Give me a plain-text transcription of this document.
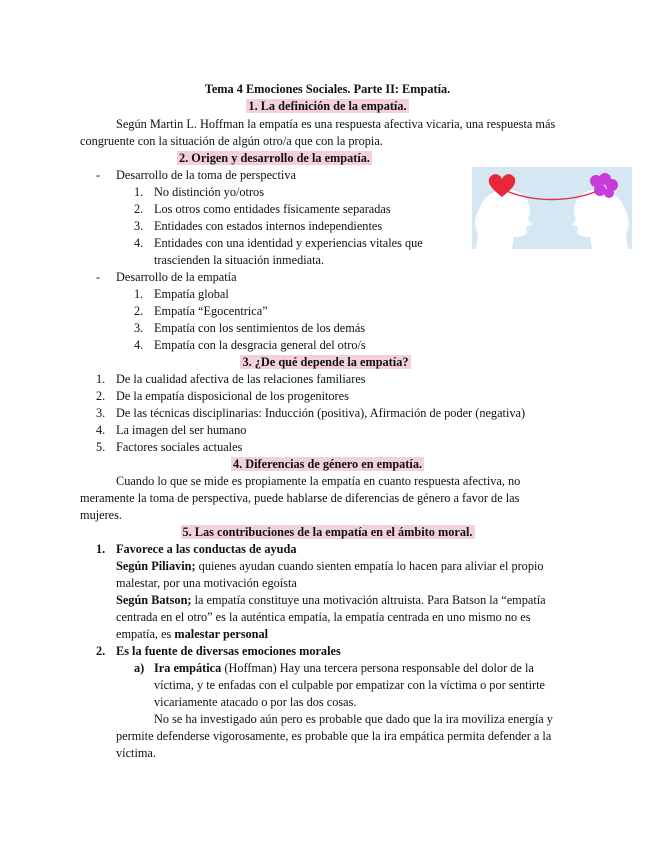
Tema 4 Emociones Sociales. Parte II: Empatía.
1. La definición de la empatía.
Según Martin L. Hoffman la empatía es una respuesta afectiva vicaria, una respuesta más
congruente con la situación de algún otro/a que con la propia.
2. Origen y desarrollo de la empatía.
- Desarrollo de la toma de perspectiva
1. No distinción yo/otros
2. Los otros como entidades físicamente separadas
3. Entidades con estados internos independientes
4. Entidades con una identidad y experiencias vitales que
trascienden la situación inmediata.
- Desarrollo de la empatía
1. Empatía global
2. Empatía “Egocentrica”
3. Empatía con los sentimientos de los demás
4. Empatía con la desgracia general del otro/s
3. ¿De qué depende la empatía?
1. De la cualidad afectiva de las relaciones familiares
2. De la empatía disposicional de los progenitores
3. De las técnicas disciplinarias: Inducción (positiva), Afirmación de poder (negativa)
4. La imagen del ser humano
5. Factores sociales actuales
4. Diferencias de género en empatía.
Cuando lo que se mide es propiamente la empatía en cuanto respuesta afectiva, no
meramente la toma de perspectiva, puede hablarse de diferencias de género a favor de las
mujeres.
5. Las contribuciones de la empatía en el ámbito moral.
1. Favorece a las conductas de ayuda
Según Piliavin; quienes ayudan cuando sienten empatía lo hacen para aliviar el propio
malestar, por una motivación egoísta
Según Batson; la empatía constituye una motivación altruista. Para Batson la “empatía
centrada en el otro” es la auténtica empatía, la empatía centrada en uno mismo no es
empatía, es malestar personal
2. Es la fuente de diversas emociones morales
a) Ira empática (Hoffman) Hay una tercera persona responsable del dolor de la
víctima, y te enfadas con el culpable por empatizar con la víctima o por sentirte
vicariamente atacado o por las dos cosas.
No se ha investigado aún pero es probable que dado que la ira moviliza energía y
permite defenderse vigorosamente, es probable que la ira empática permita defender a la
víctima.
